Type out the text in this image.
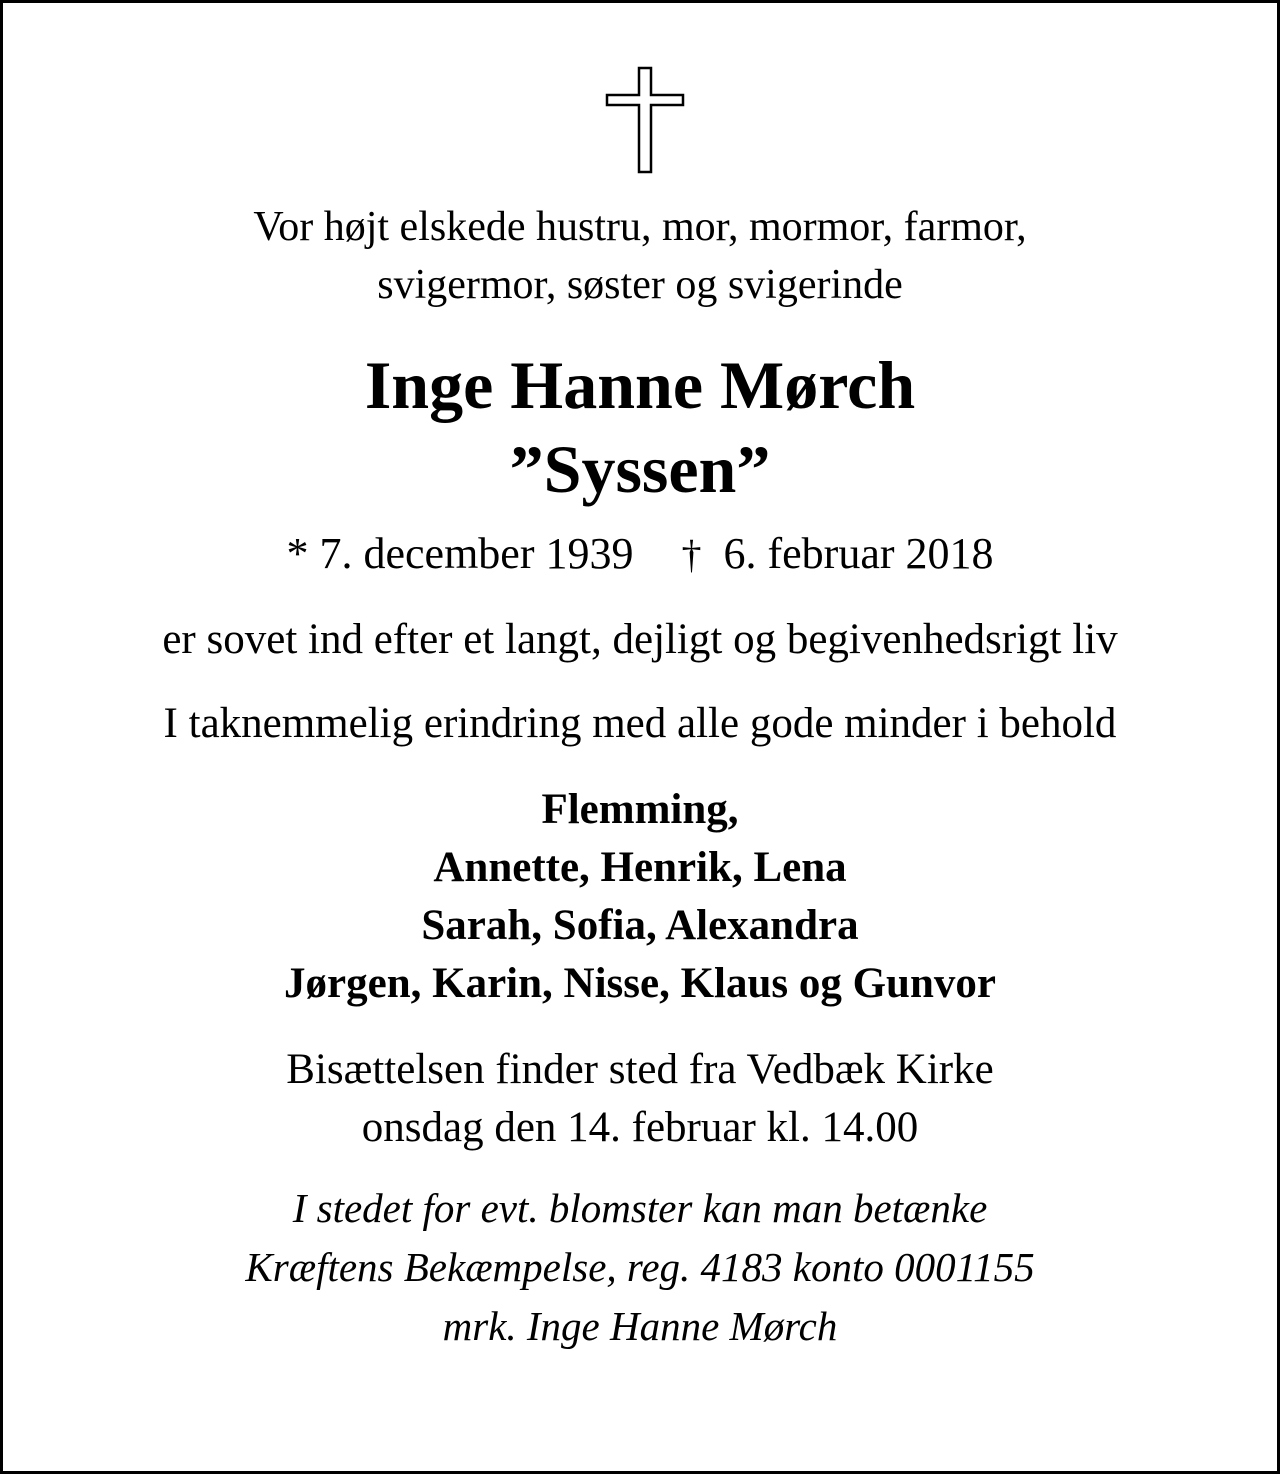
Vor højt elskede hustru, mor, mormor, farmor,
svigermor, søster og svigerinde
Inge Hanne Mørch
”Syssen”
* 7. december 1939 † 6. februar 2018
er sovet ind efter et langt, dejligt og begivenhedsrigt liv
I taknemmelig erindring med alle gode minder i behold
Flemming,
Annette, Henrik, Lena
Sarah, Sofia, Alexandra
Jørgen, Karin, Nisse, Klaus og Gunvor
Bisættelsen finder sted fra Vedbæk Kirke
onsdag den 14. februar kl. 14.00
I stedet for evt. blomster kan man betænke
Kræftens Bekæmpelse, reg. 4183 konto 0001155
mrk. Inge Hanne Mørch
